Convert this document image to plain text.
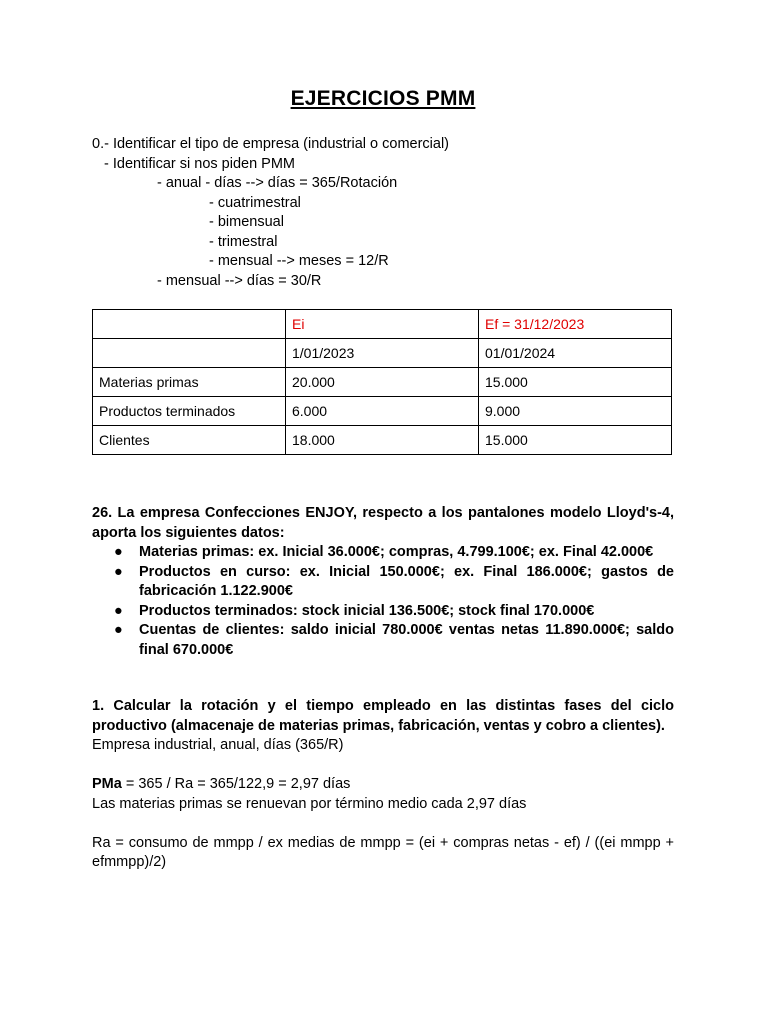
EJERCICIOS PMM
0.- Identificar el tipo de empresa (industrial o comercial)
- Identificar si nos piden PMM
- anual - días --> días = 365/Rotación
- cuatrimestral
- bimensual
- trimestral
- mensual --> meses = 12/R
- mensual --> días = 30/R
	Ei	Ef = 31/12/2023
	1/01/2023	01/01/2024
Materias primas	20.000	15.000
Productos terminados	6.000	9.000
Clientes	18.000	15.000
26. La empresa Confecciones ENJOY, respecto a los pantalones modelo Lloyd's-4, aporta los siguientes datos:
● Materias primas: ex. Inicial 36.000€; compras, 4.799.100€; ex. Final 42.000€
● Productos en curso: ex. Inicial 150.000€; ex. Final 186.000€; gastos de fabricación 1.122.900€
● Productos terminados: stock inicial 136.500€; stock final 170.000€
● Cuentas de clientes: saldo inicial 780.000€ ventas netas 11.890.000€; saldo final 670.000€
1. Calcular la rotación y el tiempo empleado en las distintas fases del ciclo productivo (almacenaje de materias primas, fabricación, ventas y cobro a clientes).
Empresa industrial, anual, días (365/R)
PMa = 365 / Ra = 365/122,9 = 2,97 días
Las materias primas se renuevan por término medio cada 2,97 días
Ra = consumo de mmpp / ex medias de mmpp = (ei + compras netas - ef) / ((ei mmpp + efmmpp)/2)
